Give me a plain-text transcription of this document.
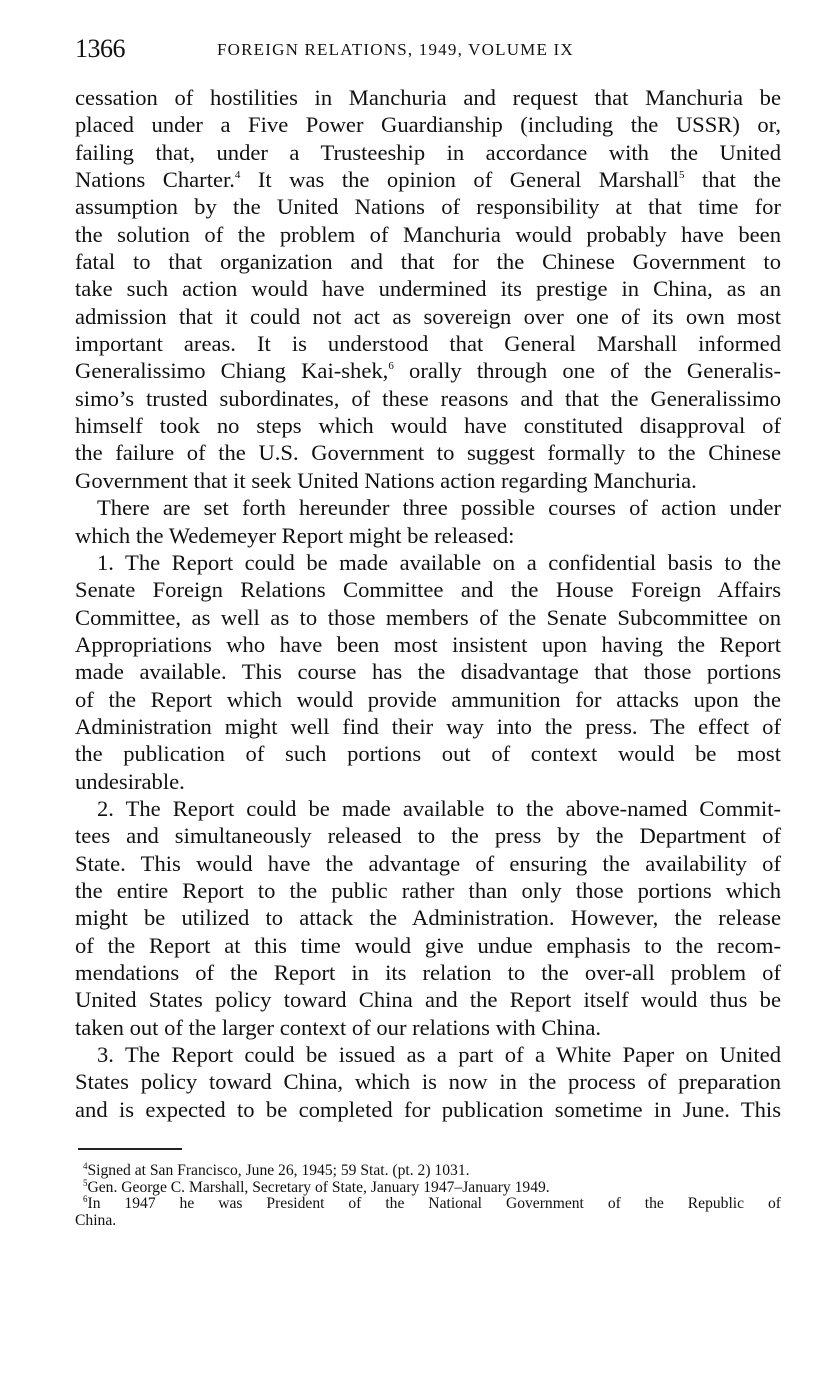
1366	FOREIGN RELATIONS, 1949, VOLUME IX
cessation of hostilities in Manchuria and request that Manchuria be
placed under a Five Power Guardianship (including the USSR) or,
failing that, under a Trusteeship in accordance with the United
Nations Charter.$^4$ It was the opinion of General Marshall$^5$ that the
assumption by the United Nations of responsibility at that time for
the solution of the problem of Manchuria would probably have been
fatal to that organization and that for the Chinese Government to
take such action would have undermined its prestige in China, as an
admission that it could not act as sovereign over one of its own most
important areas. It is understood that General Marshall informed
Generalissimo Chiang Kai-shek,$^6$ orally through one of the Generalis-
simo’s trusted subordinates, of these reasons and that the Generalissimo
himself took no steps which would have constituted disapproval of
the failure of the U.S. Government to suggest formally to the Chinese
Government that it seek United Nations action regarding Manchuria.
There are set forth hereunder three possible courses of action under
which the Wedemeyer Report might be released:
1. The Report could be made available on a confidential basis to the
Senate Foreign Relations Committee and the House Foreign Affairs
Committee, as well as to those members of the Senate Subcommittee on
Appropriations who have been most insistent upon having the Report
made available. This course has the disadvantage that those portions
of the Report which would provide ammunition for attacks upon the
Administration might well find their way into the press. The effect of
the publication of such portions out of context would be most
undesirable.
2. The Report could be made available to the above-named Commit-
tees and simultaneously released to the press by the Department of
State. This would have the advantage of ensuring the availability of
the entire Report to the public rather than only those portions which
might be utilized to attack the Administration. However, the release
of the Report at this time would give undue emphasis to the recom-
mendations of the Report in its relation to the over-all problem of
United States policy toward China and the Report itself would thus be
taken out of the larger context of our relations with China.
3. The Report could be issued as a part of a White Paper on United
States policy toward China, which is now in the process of preparation
and is expected to be completed for publication sometime in June. This
$^4$Signed at San Francisco, June 26, 1945; 59 Stat. (pt. 2) 1031.
$^5$Gen. George C. Marshall, Secretary of State, January 1947–January 1949.
$^6$In 1947 he was President of the National Government of the Republic of
China.
